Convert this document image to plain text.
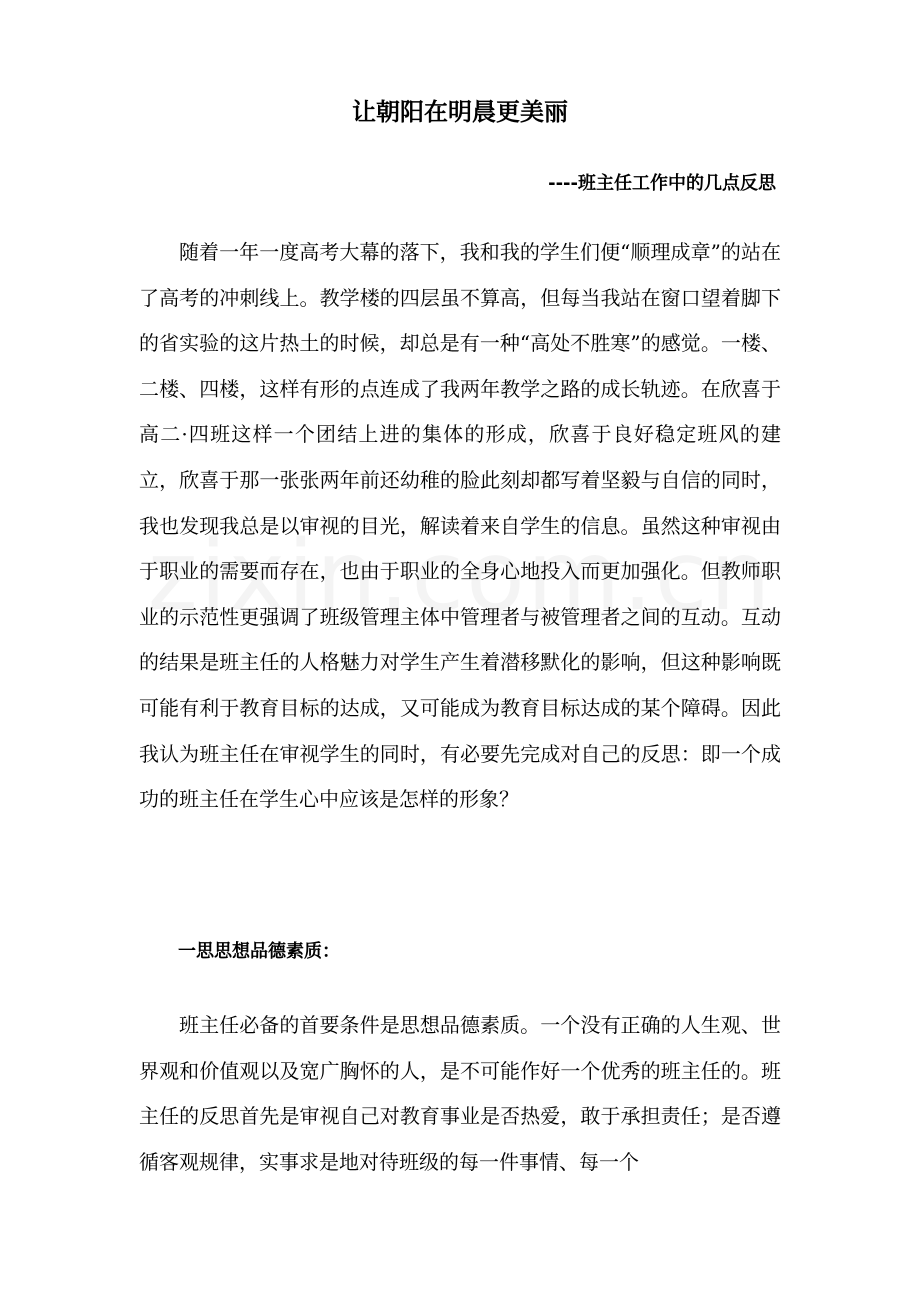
让朝阳在明晨更美丽
----班主任工作中的几点反思

随着一年一度高考大幕的落下，我和我的学生们便“顺理成章”的站在了高考的冲刺线上。教学楼的四层虽不算高，但每当我站在窗口望着脚下的省实验的这片热土的时候，却总是有一种“高处不胜寒”的感觉。一楼、二楼、四楼，这样有形的点连成了我两年教学之路的成长轨迹。在欣喜于高二·四班这样一个团结上进的集体的形成，欣喜于良好稳定班风的建立，欣喜于那一张张两年前还幼稚的脸此刻却都写着坚毅与自信的同时，我也发现我总是以审视的目光，解读着来自学生的信息。虽然这种审视由于职业的需要而存在，也由于职业的全身心地投入而更加强化。但教师职业的示范性更强调了班级管理主体中管理者与被管理者之间的互动。互动的结果是班主任的人格魅力对学生产生着潜移默化的影响，但这种影响既可能有利于教育目标的达成，又可能成为教育目标达成的某个障碍。因此我认为班主任在审视学生的同时，有必要先完成对自己的反思：即一个成功的班主任在学生心中应该是怎样的形象？

一思思想品德素质：

班主任必备的首要条件是思想品德素质。一个没有正确的人生观、世界观和价值观以及宽广胸怀的人，是不可能作好一个优秀的班主任的。班主任的反思首先是审视自己对教育事业是否热爱，敢于承担责任；是否遵循客观规律，实事求是地对待班级的每一件事情、每一个
